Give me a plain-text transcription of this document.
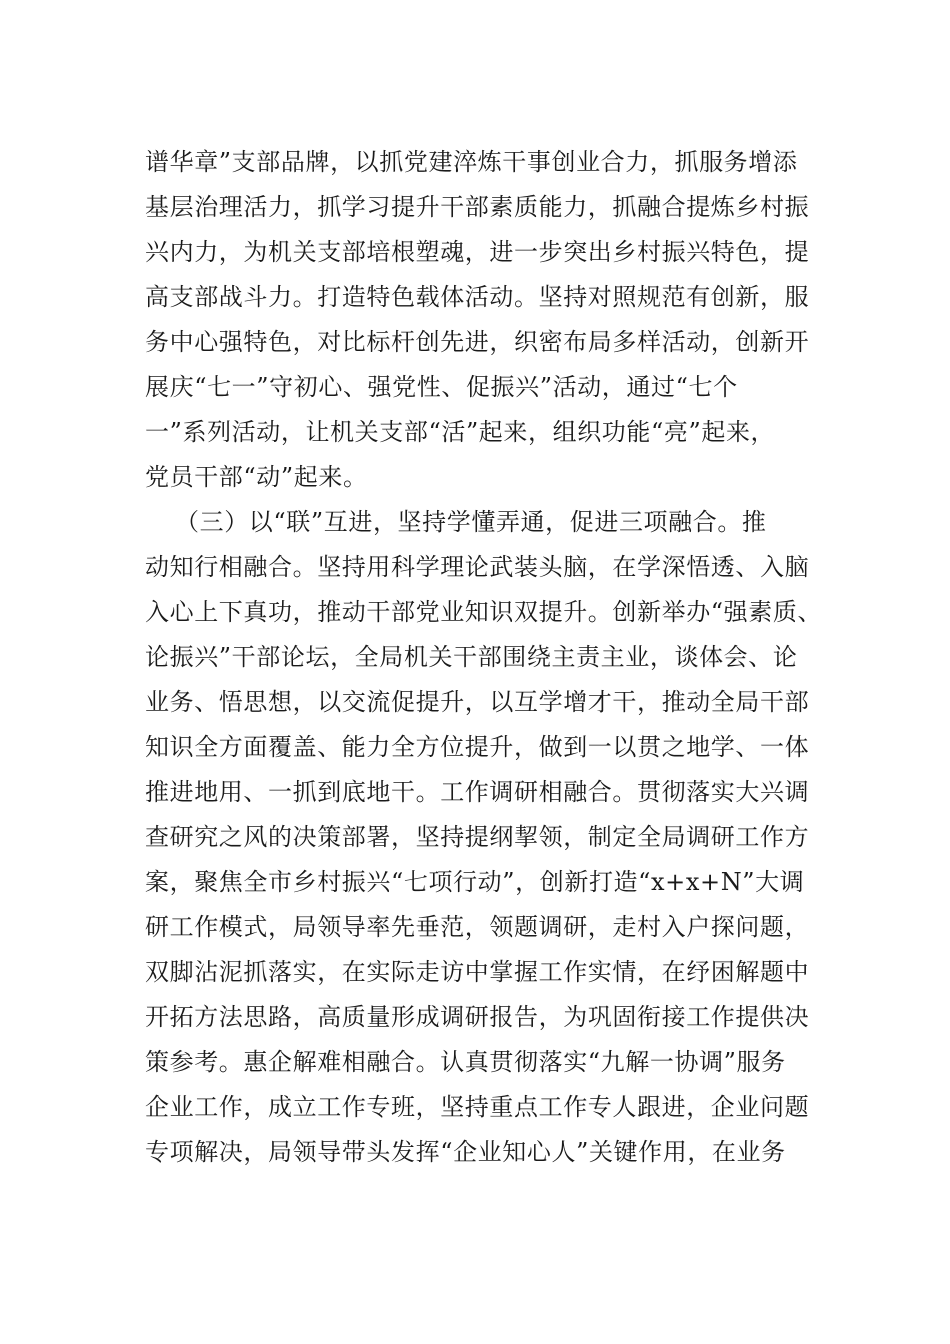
谱华章”支部品牌，以抓党建淬炼干事创业合力，抓服务增添
基层治理活力，抓学习提升干部素质能力，抓融合提炼乡村振
兴内力，为机关支部培根塑魂，进一步突出乡村振兴特色，提
高支部战斗力。打造特色载体活动。坚持对照规范有创新，服
务中心强特色，对比标杆创先进，织密布局多样活动，创新开
展庆“七一”守初心、强党性、促振兴”活动，通过“七个
一”系列活动，让机关支部“活”起来，组织功能“亮”起来，
党员干部“动”起来。
（三）以“联”互进，坚持学懂弄通，促进三项融合。推
动知行相融合。坚持用科学理论武装头脑，在学深悟透、入脑
入心上下真功，推动干部党业知识双提升。创新举办“强素质、
论振兴”干部论坛，全局机关干部围绕主责主业，谈体会、论
业务、悟思想，以交流促提升，以互学增才干，推动全局干部
知识全方面覆盖、能力全方位提升，做到一以贯之地学、一体
推进地用、一抓到底地干。工作调研相融合。贯彻落实大兴调
查研究之风的决策部署，坚持提纲挈领，制定全局调研工作方
案，聚焦全市乡村振兴“七项行动”，创新打造“x+x+N”大调
研工作模式，局领导率先垂范，领题调研，走村入户探问题，
双脚沾泥抓落实，在实际走访中掌握工作实情，在纾困解题中
开拓方法思路，高质量形成调研报告，为巩固衔接工作提供决
策参考。惠企解难相融合。认真贯彻落实“九解一协调”服务
企业工作，成立工作专班，坚持重点工作专人跟进，企业问题
专项解决，局领导带头发挥“企业知心人”关键作用，在业务
